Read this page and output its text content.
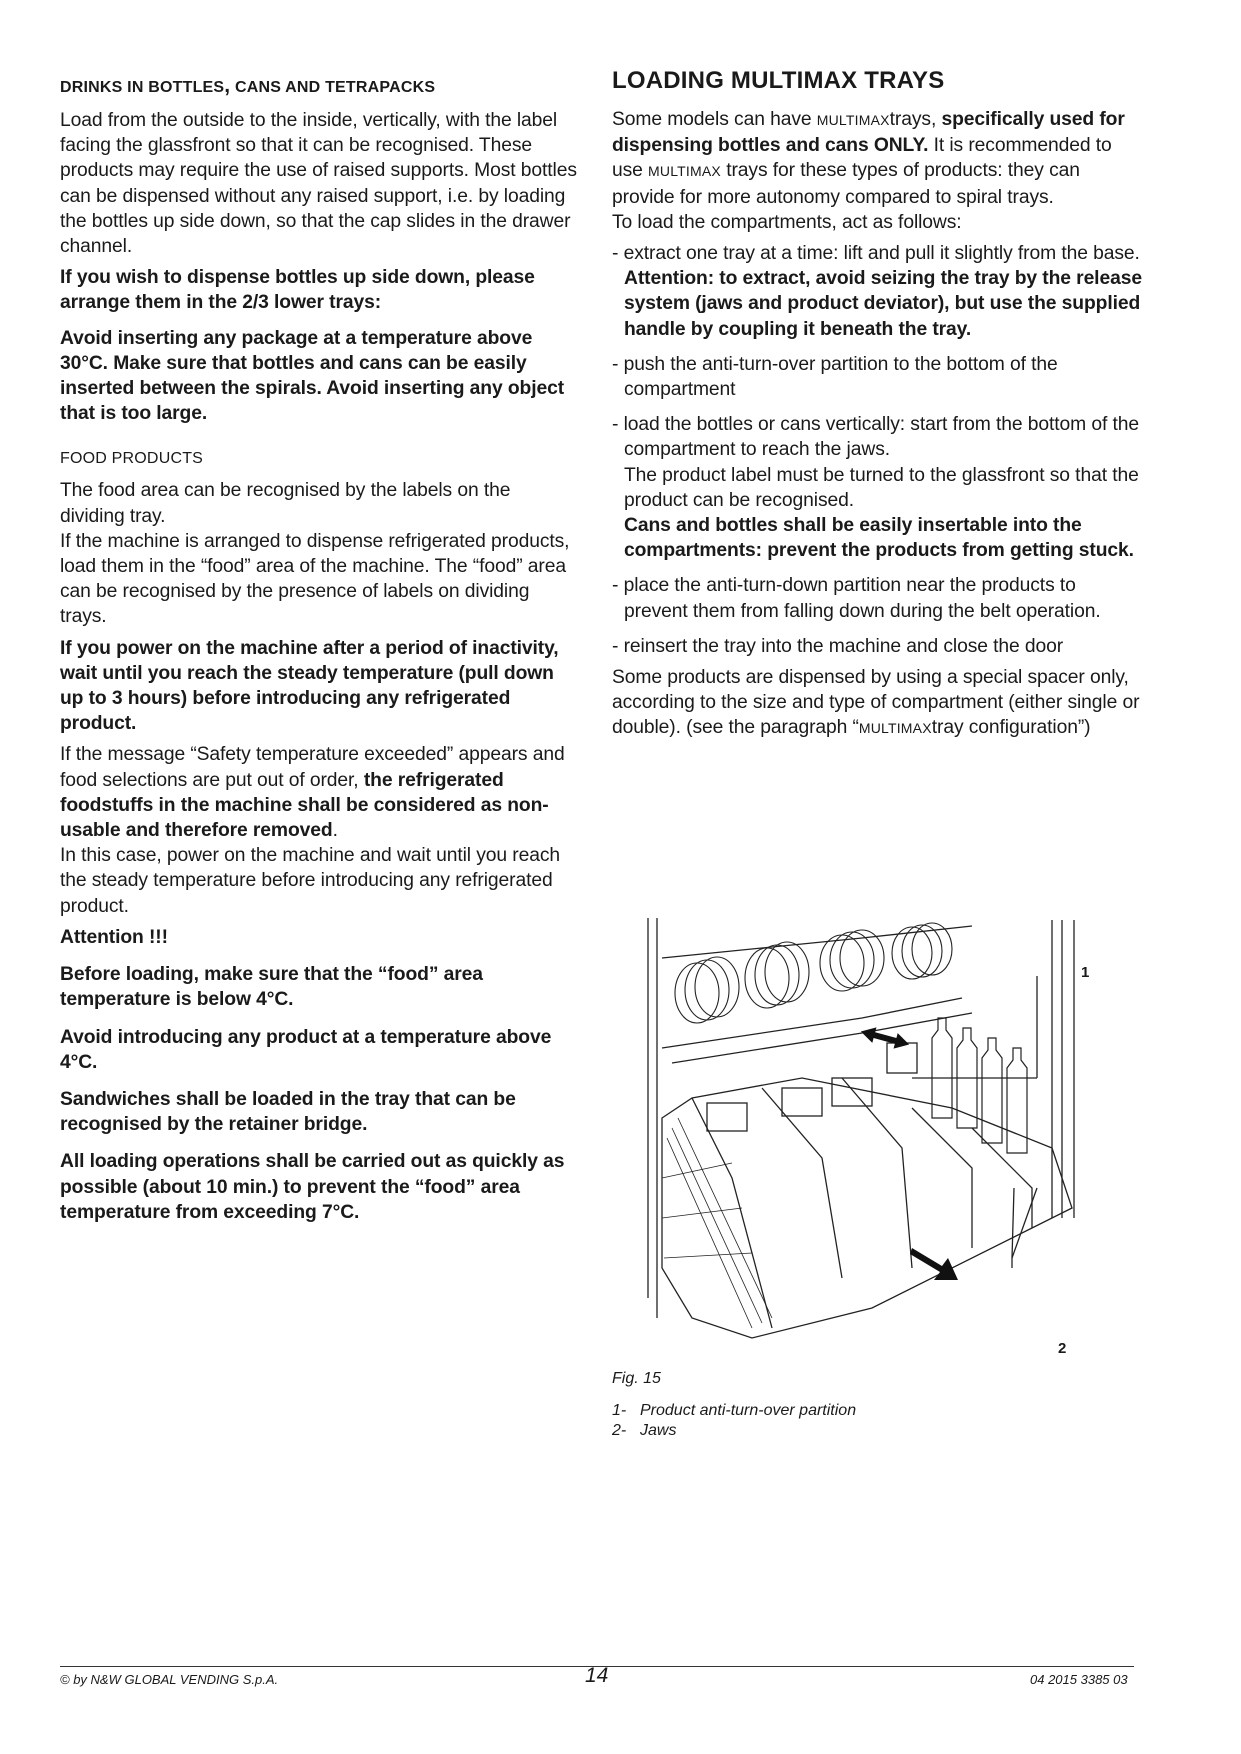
DRINKS IN BOTTLES, CANS AND TETRAPACKS

Load from the outside to the inside, vertically, with the label facing the glassfront so that it can be recognised. These products may require the use of raised supports. Most bottles can be dispensed without any raised support, i.e. by loading the bottles up side down, so that the cap slides in the drawer channel.

If you wish to dispense bottles up side down, please arrange them in the 2/3 lower trays:

Avoid inserting any package at a temperature above 30°C. Make sure that bottles and cans can be easily inserted between the spirals. Avoid inserting any object that is too large.

FOOD PRODUCTS

The food area can be recognised by the labels on the dividing tray.

If the machine is arranged to dispense refrigerated products, load them in the “food” area of the machine. The “food” area can be recognised by the presence of labels on dividing trays.

If you power on the machine after a period of inactivity, wait until you reach the steady temperature (pull down up to 3 hours) before introducing any refrigerated product.

If the message “Safety temperature exceeded” appears and food selections are put out of order, the refrigerated foodstuffs in the machine shall be considered as non-usable and therefore removed.

In this case, power on the machine and wait until you reach the steady temperature before introducing any refrigerated product.

Attention !!!

Before loading, make sure that the “food” area temperature is below 4°C.

Avoid introducing any product at a temperature above 4°C.

Sandwiches shall be loaded in the tray that can be recognised by the retainer bridge.

All loading operations shall be carried out as quickly as possible (about 10 min.) to prevent the “food” area temperature from exceeding 7°C.

LOADING MULTIMAX TRAYS

Some models can have MULTIMAXtrays, specifically used for dispensing bottles and cans ONLY. It is recommended to use MULTIMAX trays for these types of products: they can provide for more autonomy compared to spiral trays.

To load the compartments, act as follows:

- extract one tray at a time: lift and pull it slightly from the base.
Attention: to extract, avoid seizing the tray by the release system (jaws and product deviator), but use the supplied handle by coupling it beneath the tray.
- push the anti-turn-over partition to the bottom of the compartment
- load the bottles or cans vertically: start from the bottom of the compartment to reach the jaws.
The product label must be turned to the glassfront so that the product can be recognised.
Cans and bottles shall be easily insertable into the compartments: prevent the products from getting stuck.
- place the anti-turn-down partition near the products to prevent them from falling down during the belt operation.
- reinsert the tray into the machine and close the door

Some products are dispensed by using a special spacer only, according to the size and type of compartment (either single or double). (see the paragraph “MULTIMAXtray configuration”)

1
2
Fig. 15
1- Product anti-turn-over partition
2- Jaws
© by N&W GLOBAL VENDING S.p.A.	14	04 2015 3385 03
